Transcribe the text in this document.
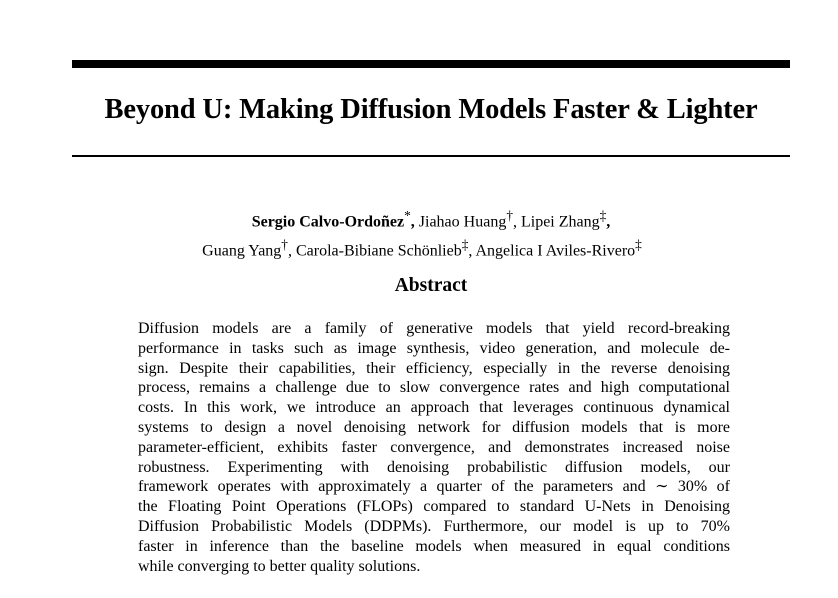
Beyond U: Making Diffusion Models Faster & Lighter
Sergio Calvo-Ordoñez*, Jiahao Huang†, Lipei Zhang‡,
Guang Yang†, Carola-Bibiane Schönlieb‡, Angelica I Aviles-Rivero‡
Abstract
Diffusion models are a family of generative models that yield record-breaking
performance in tasks such as image synthesis, video generation, and molecule de-
sign. Despite their capabilities, their efficiency, especially in the reverse denoising
process, remains a challenge due to slow convergence rates and high computational
costs. In this work, we introduce an approach that leverages continuous dynamical
systems to design a novel denoising network for diffusion models that is more
parameter-efficient, exhibits faster convergence, and demonstrates increased noise
robustness. Experimenting with denoising probabilistic diffusion models, our
framework operates with approximately a quarter of the parameters and ∼ 30% of
the Floating Point Operations (FLOPs) compared to standard U-Nets in Denoising
Diffusion Probabilistic Models (DDPMs). Furthermore, our model is up to 70%
faster in inference than the baseline models when measured in equal conditions
while converging to better quality solutions.
